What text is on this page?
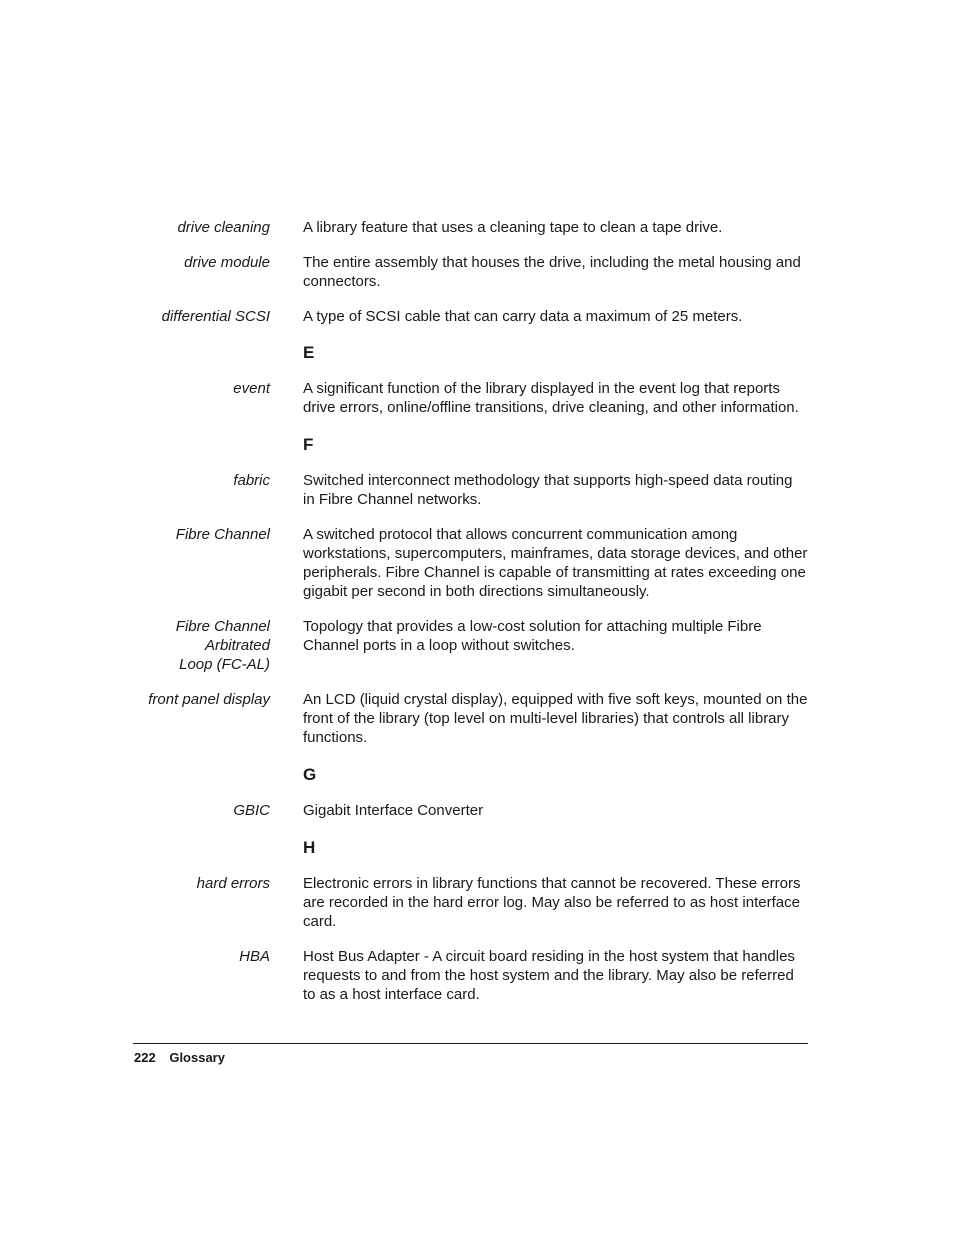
drive cleaning A library feature that uses a cleaning tape to clean a tape drive.
drive module The entire assembly that houses the drive, including the metal housing and connectors.
differential SCSI A type of SCSI cable that can carry data a maximum of 25 meters.
E
event A significant function of the library displayed in the event log that reports drive errors, online/offline transitions, drive cleaning, and other information.
F
fabric Switched interconnect methodology that supports high-speed data routing in Fibre Channel networks.
Fibre Channel A switched protocol that allows concurrent communication among workstations, supercomputers, mainframes, data storage devices, and other peripherals. Fibre Channel is capable of transmitting at rates exceeding one gigabit per second in both directions simultaneously.
Fibre Channel
Arbitrated
Loop (FC-AL)
Topology that provides a low-cost solution for attaching multiple Fibre Channel ports in a loop without switches.
front panel display An LCD (liquid crystal display), equipped with five soft keys, mounted on the front of the library (top level on multi-level libraries) that controls all library functions.
G
GBIC Gigabit Interface Converter
H
hard errors Electronic errors in library functions that cannot be recovered. These errors are recorded in the hard error log. May also be referred to as host interface card.
HBA Host Bus Adapter - A circuit board residing in the host system that handles requests to and from the host system and the library. May also be referred to as a host interface card.
222 Glossary
